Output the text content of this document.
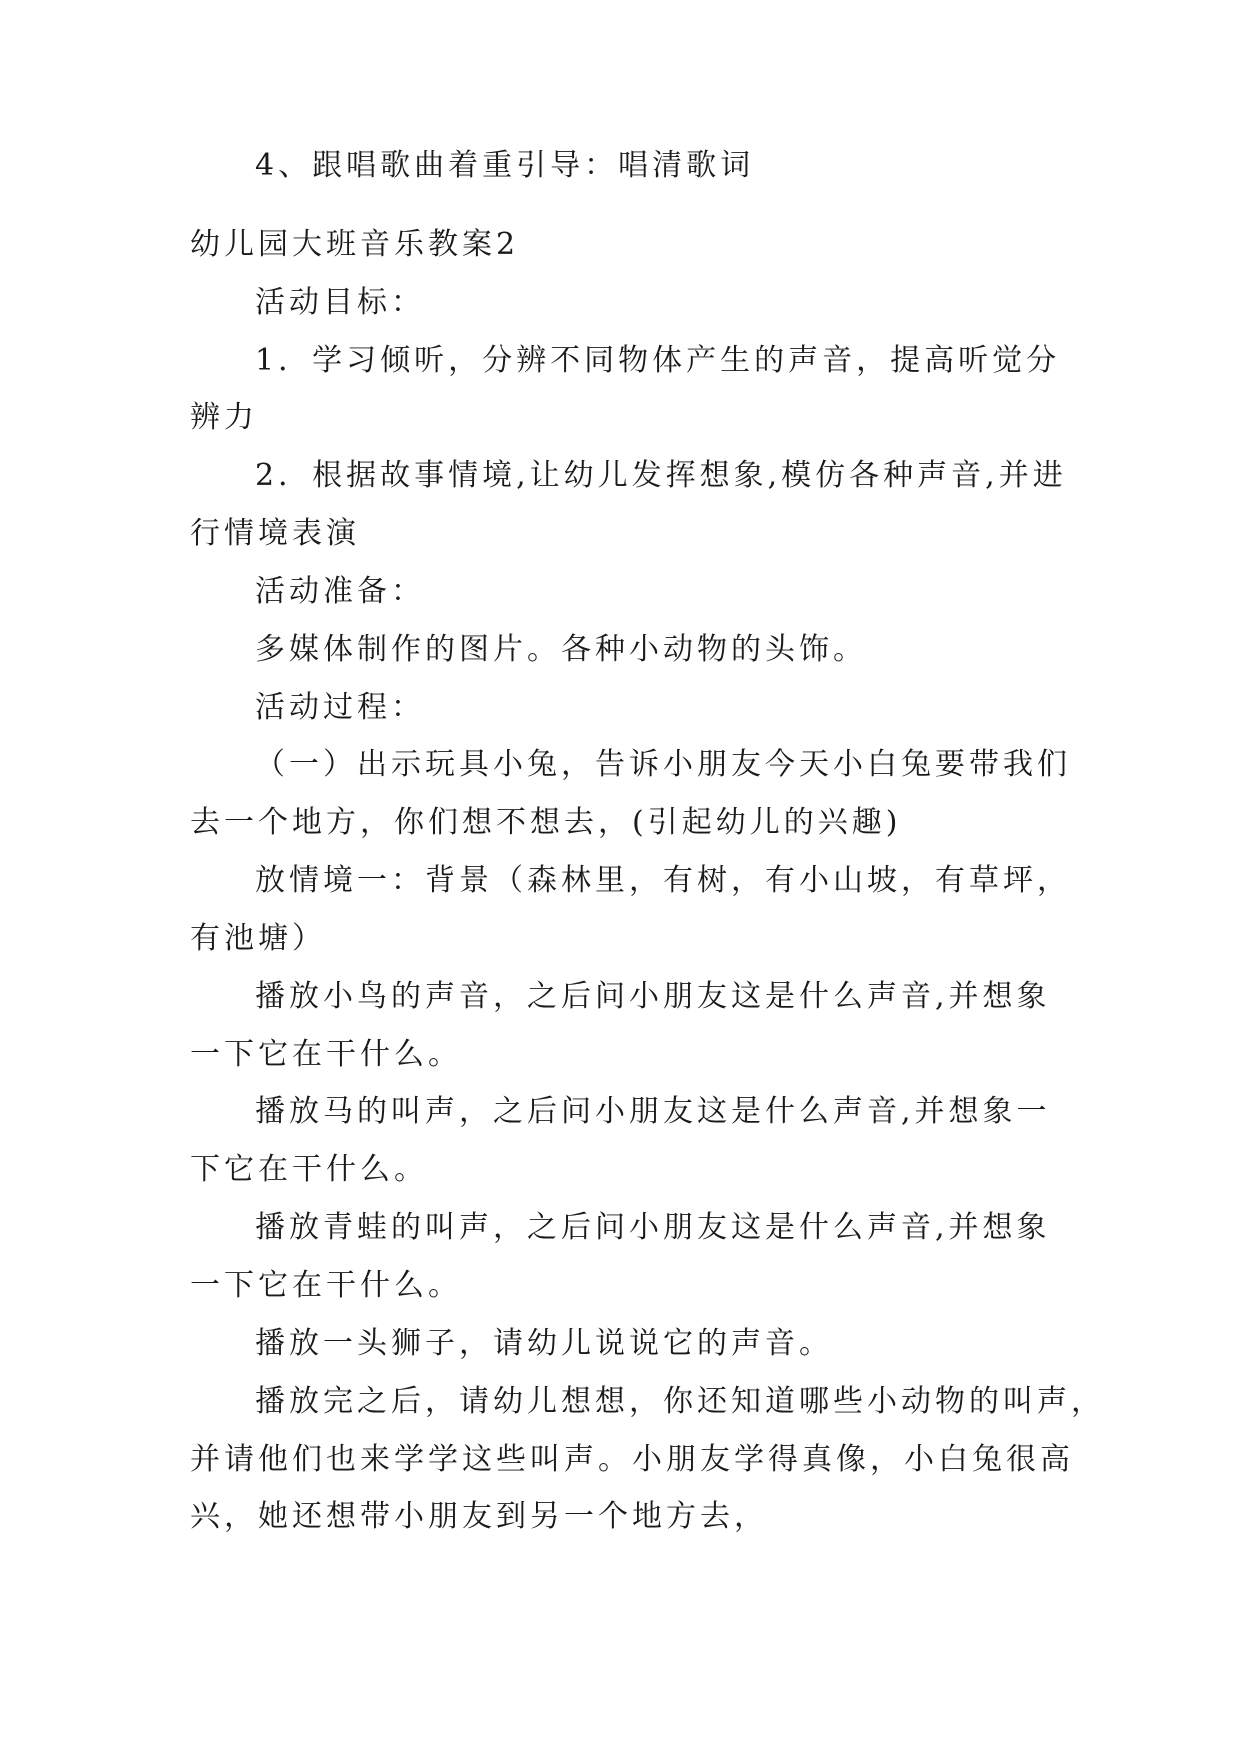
4、跟唱歌曲着重引导：唱清歌词
幼儿园大班音乐教案2
活动目标：
1．学习倾听，分辨不同物体产生的声音，提高听觉分
辨力
2．根据故事情境,让幼儿发挥想象,模仿各种声音,并进
行情境表演
活动准备：
多媒体制作的图片。各种小动物的头饰。
活动过程：
（一）出示玩具小兔，告诉小朋友今天小白兔要带我们
去一个地方，你们想不想去，(引起幼儿的兴趣)
放情境一：背景（森林里，有树，有小山坡，有草坪，
有池塘）
播放小鸟的声音，之后问小朋友这是什么声音,并想象
一下它在干什么。
播放马的叫声，之后问小朋友这是什么声音,并想象一
下它在干什么。
播放青蛙的叫声，之后问小朋友这是什么声音,并想象
一下它在干什么。
播放一头狮子，请幼儿说说它的声音。
播放完之后，请幼儿想想，你还知道哪些小动物的叫声，
并请他们也来学学这些叫声。小朋友学得真像，小白兔很高
兴，她还想带小朋友到另一个地方去，
